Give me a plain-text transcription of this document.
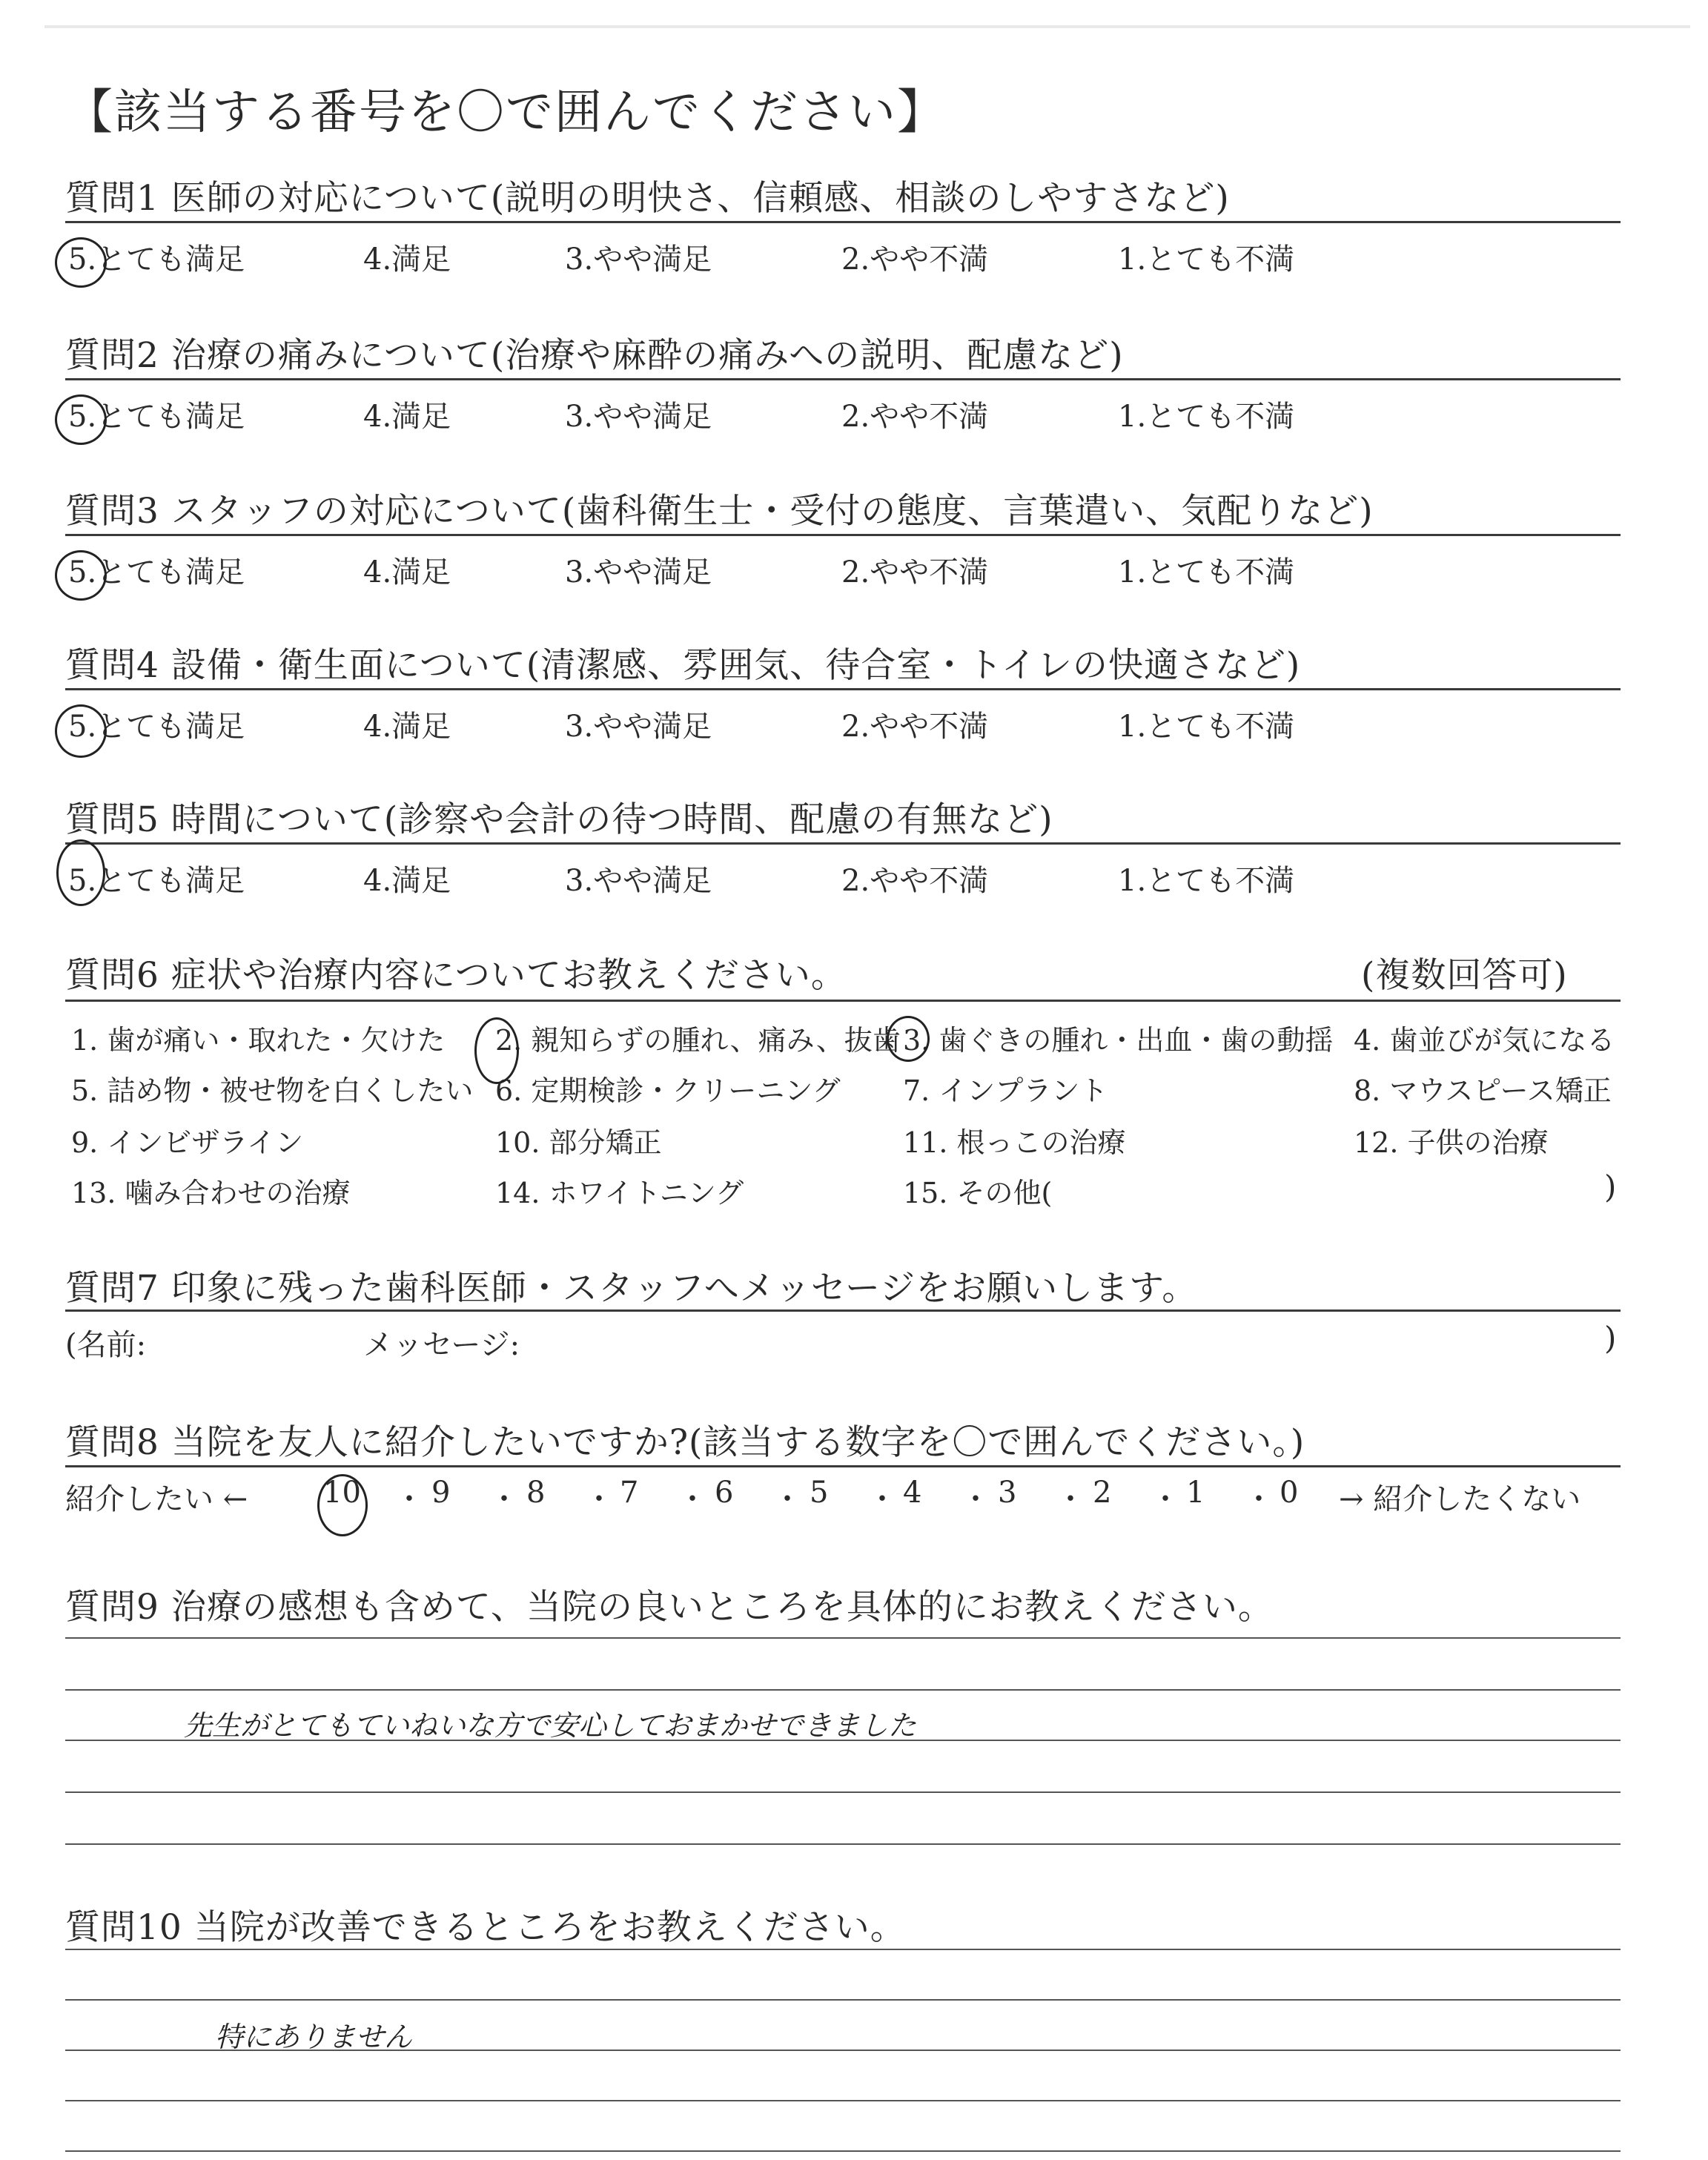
【該当する番号を〇で囲んでください】
質問1 医師の対応について(説明の明快さ、信頼感、相談のしやすさなど)
5.とても満足	4.満足	3.やや満足	2.やや不満	1.とても不満
質問2 治療の痛みについて(治療や麻酔の痛みへの説明、配慮など)
5.とても満足	4.満足	3.やや満足	2.やや不満	1.とても不満
質問3 スタッフの対応について(歯科衛生士・受付の態度、言葉遣い、気配りなど)
5.とても満足	4.満足	3.やや満足	2.やや不満	1.とても不満
質問4 設備・衛生面について(清潔感、雰囲気、待合室・トイレの快適さなど)
5.とても満足	4.満足	3.やや満足	2.やや不満	1.とても不満
質問5 時間について(診察や会計の待つ時間、配慮の有無など)
5.とても満足	4.満足	3.やや満足	2.やや不満	1.とても不満
質問6 症状や治療内容についてお教えください。	(複数回答可)
1. 歯が痛い・取れた・欠けた 2. 親知らずの腫れ、痛み、抜歯 3. 歯ぐきの腫れ・出血・歯の動揺 4. 歯並びが気になる
5. 詰め物・被せ物を白くしたい 6. 定期検診・クリーニング 7. インプラント	8. マウスピース矯正
9. インビザライン	10. 部分矯正	11. 根っこの治療	12. 子供の治療
13. 噛み合わせの治療	14. ホワイトニング	15. その他(	)
質問7 印象に残った歯科医師・スタッフへメッセージをお願いします。
(名前:	メッセージ:	)
質問8 当院を友人に紹介したいですか?(該当する数字を〇で囲んでください。)
紹介したい ←	10 ・ 9 ・ 8 ・ 7 ・ 6 ・ 5 ・ 4 ・ 3 ・ 2 ・ 1 ・ 0 → 紹介したくない
質問9 治療の感想も含めて、当院の良いところを具体的にお教えください。
先生がとてもていねいな方で安心しておまかせできました
質問10 当院が改善できるところをお教えください。
特にありません
